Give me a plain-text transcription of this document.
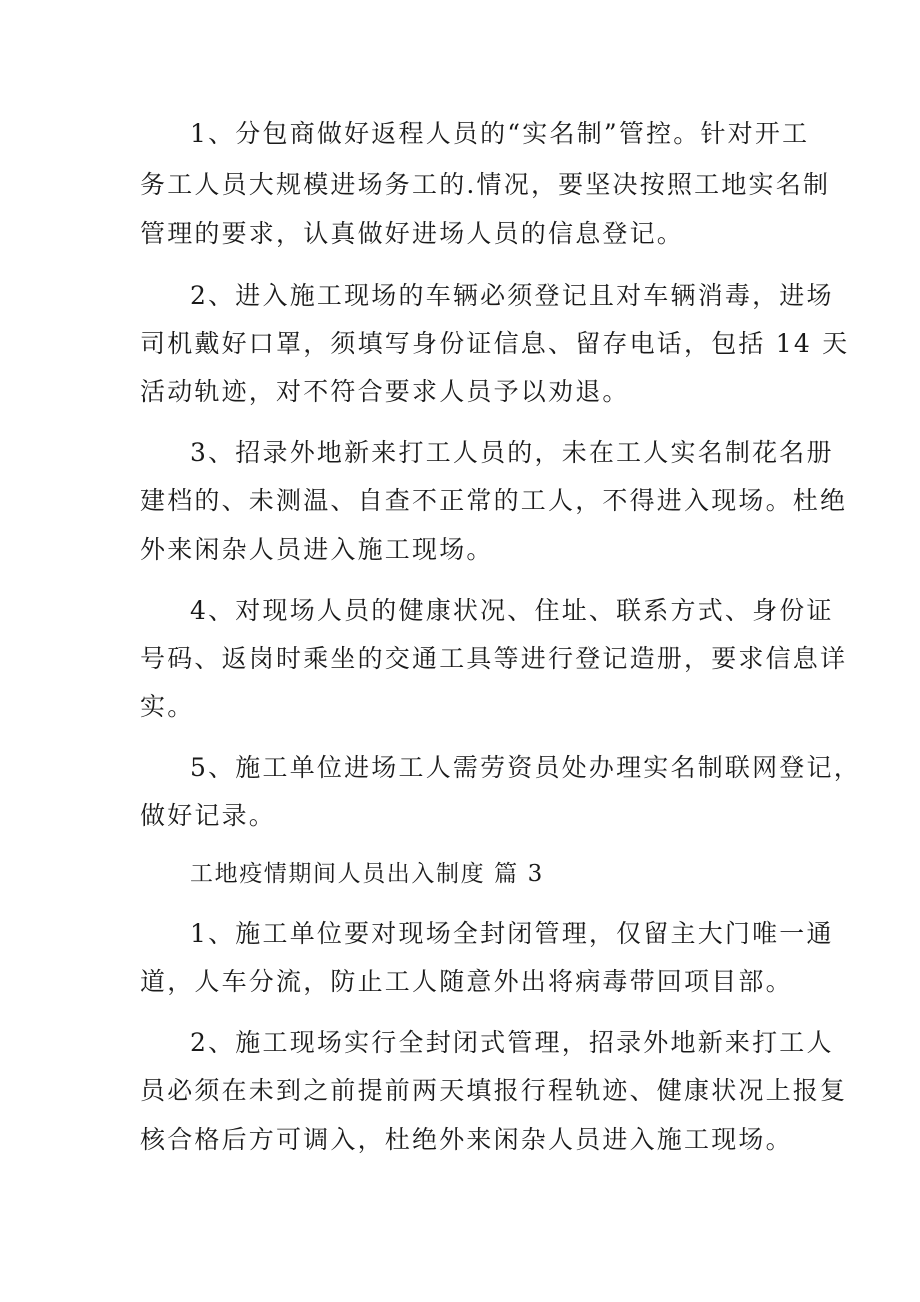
1、分包商做好返程人员的“实名制”管控。针对开工
务工人员大规模进场务工的.情况，要坚决按照工地实名制
管理的要求，认真做好进场人员的信息登记。
2、进入施工现场的车辆必须登记且对车辆消毒，进场
司机戴好口罩，须填写身份证信息、留存电话，包括 14 天
活动轨迹，对不符合要求人员予以劝退。
3、招录外地新来打工人员的，未在工人实名制花名册
建档的、未测温、自查不正常的工人，不得进入现场。杜绝
外来闲杂人员进入施工现场。
4、对现场人员的健康状况、住址、联系方式、身份证
号码、返岗时乘坐的交通工具等进行登记造册，要求信息详
实。
5、施工单位进场工人需劳资员处办理实名制联网登记，
做好记录。
工地疫情期间人员出入制度 篇 3
1、施工单位要对现场全封闭管理，仅留主大门唯一通
道，人车分流，防止工人随意外出将病毒带回项目部。
2、施工现场实行全封闭式管理，招录外地新来打工人
员必须在未到之前提前两天填报行程轨迹、健康状况上报复
核合格后方可调入，杜绝外来闲杂人员进入施工现场。
